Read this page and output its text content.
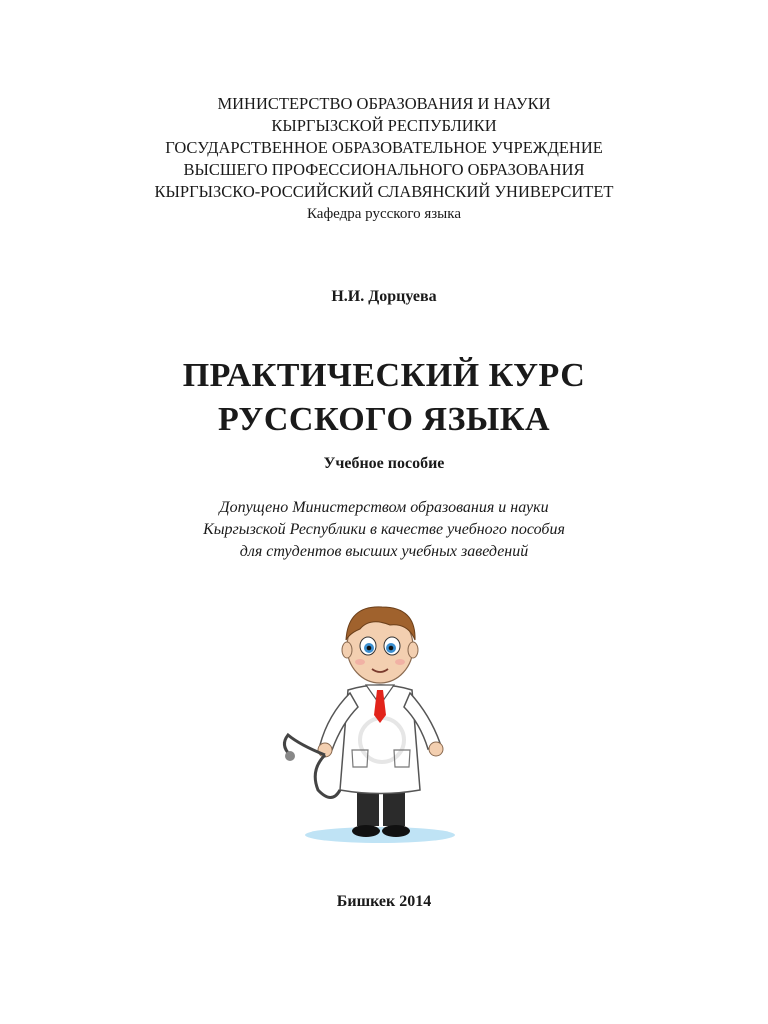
МИНИСТЕРСТВО ОБРАЗОВАНИЯ И НАУКИ
КЫРГЫЗСКОЙ РЕСПУБЛИКИ
ГОСУДАРСТВЕННОЕ ОБРАЗОВАТЕЛЬНОЕ УЧРЕЖДЕНИЕ
ВЫСШЕГО ПРОФЕССИОНАЛЬНОГО ОБРАЗОВАНИЯ
КЫРГЫЗСКО-РОССИЙСКИЙ СЛАВЯНСКИЙ УНИВЕРСИТЕТ
Кафедра русского языка
Н.И. Дорцуева
ПРАКТИЧЕСКИЙ КУРС
РУССКОГО ЯЗЫКА
Учебное пособие
Допущено Министерством образования и науки
Кыргызской Республики в качестве учебного пособия
для студентов высших учебных заведений
Бишкек 2014
